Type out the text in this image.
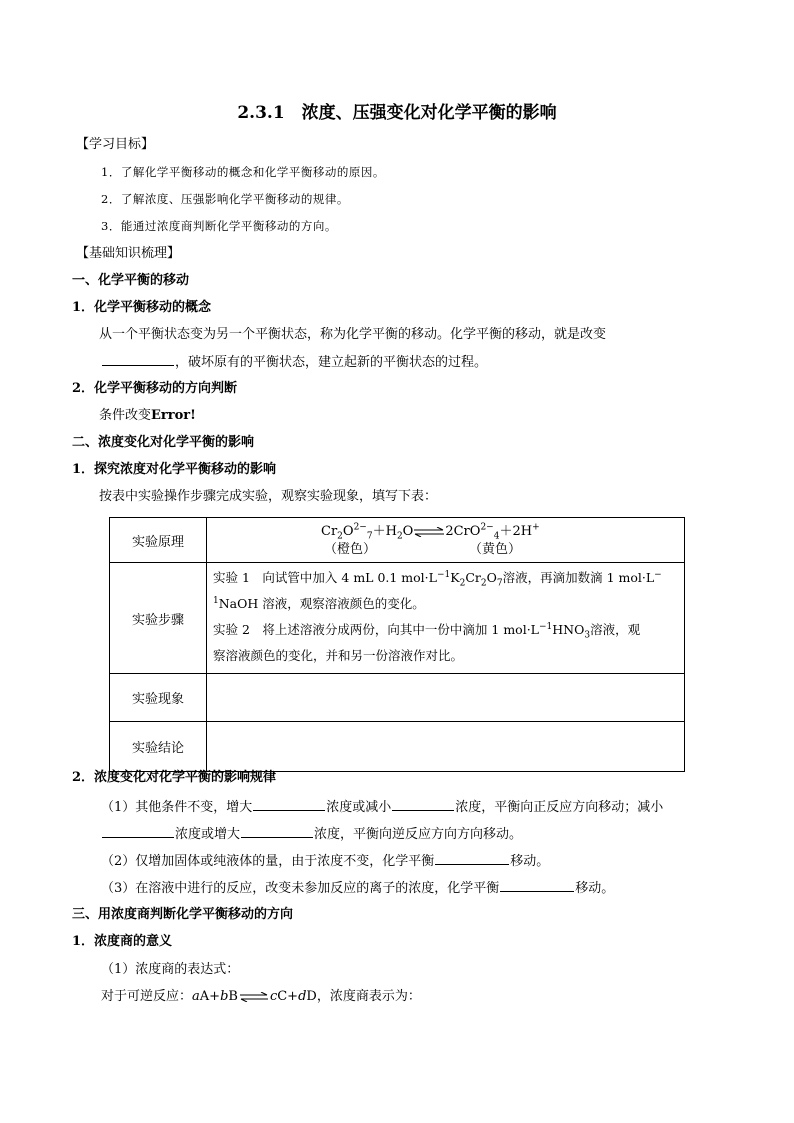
2.3.1　浓度、压强变化对化学平衡的影响
【学习目标】
1．了解化学平衡移动的概念和化学平衡移动的原因。
2．了解浓度、压强影响化学平衡移动的规律。
3．能通过浓度商判断化学平衡移动的方向。
【基础知识梳理】
一、化学平衡的移动
1．化学平衡移动的概念
从一个平衡状态变为另一个平衡状态，称为化学平衡的移动。化学平衡的移动，就是改变
，破坏原有的平衡状态，建立起新的平衡状态的过程。
2．化学平衡移动的方向判断
条件改变Error!
二、浓度变化对化学平衡的影响
1．探究浓度对化学平衡移动的影响
按表中实验操作步骤完成实验，观察实验现象，填写下表：
实验原理	$Cr_2O^{2-}_7+H_2O\rightleftharpoons 2CrO^{2-}_4+2H^+$
（橙色） （黄色）

实验步骤	实验 1　向试管中加入 4 mL 0.1 $mol\cdot L^{-1}K_2Cr_2O_7$溶液，再滴加数滴 1 mol·L−
$^1$NaOH 溶液，观察溶液颜色的变化。
实验 2　将上述溶液分成两份，向其中一份中滴加 1 $mol\cdot L^{-1}HNO_3$溶液，观
察溶液颜色的变化，并和另一份溶液作对比。

实验现象	
实验结论	
2．浓度变化对化学平衡的影响规律
（1）其他条件不变，增大	浓度或减小	浓度，平衡向正反应方向移动；减小
浓度或增大	浓度，平衡向逆反应方向方向移动。
（2）仅增加固体或纯液体的量，由于浓度不变，化学平衡	移动。
（3）在溶液中进行的反应，改变未参加反应的离子的浓度，化学平衡	移动。
三、用浓度商判断化学平衡移动的方向
1．浓度商的意义
（1）浓度商的表达式：
对于可逆反应：aA+bB⇌cC+dD，浓度商表示为：
